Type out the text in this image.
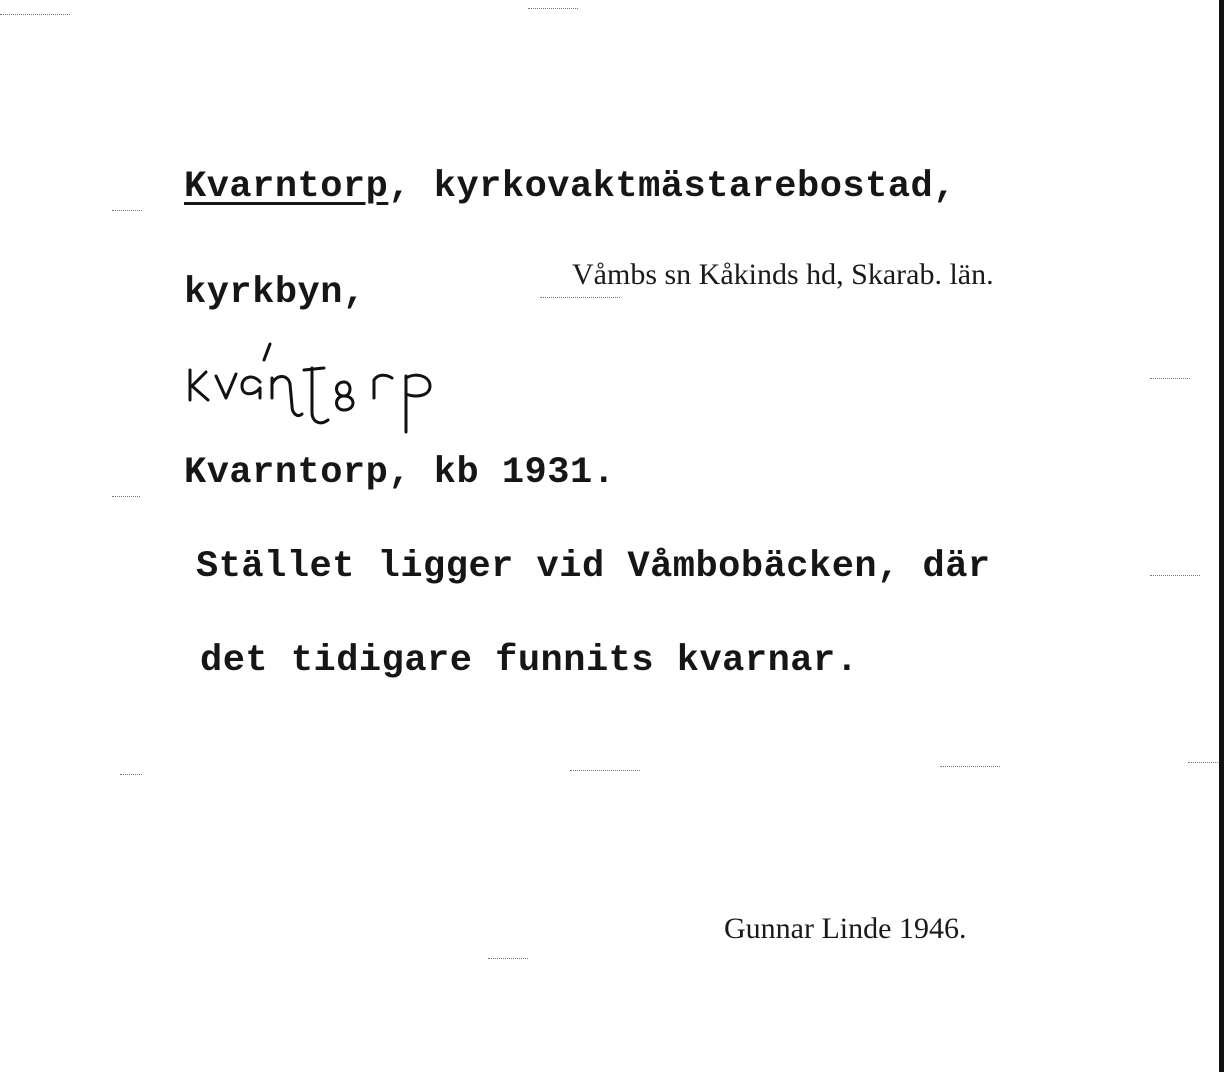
Kvarntorp, kyrkovaktmästarebostad,
kyrkbyn,	Våmbs sn Kåkinds hd, Skarab. län.
kvántɤrp
Kvarntorp, kb 1931.
Stället ligger vid Våmbobäcken, där
det tidigare funnits kvarnar.
Gunnar Linde 1946.
